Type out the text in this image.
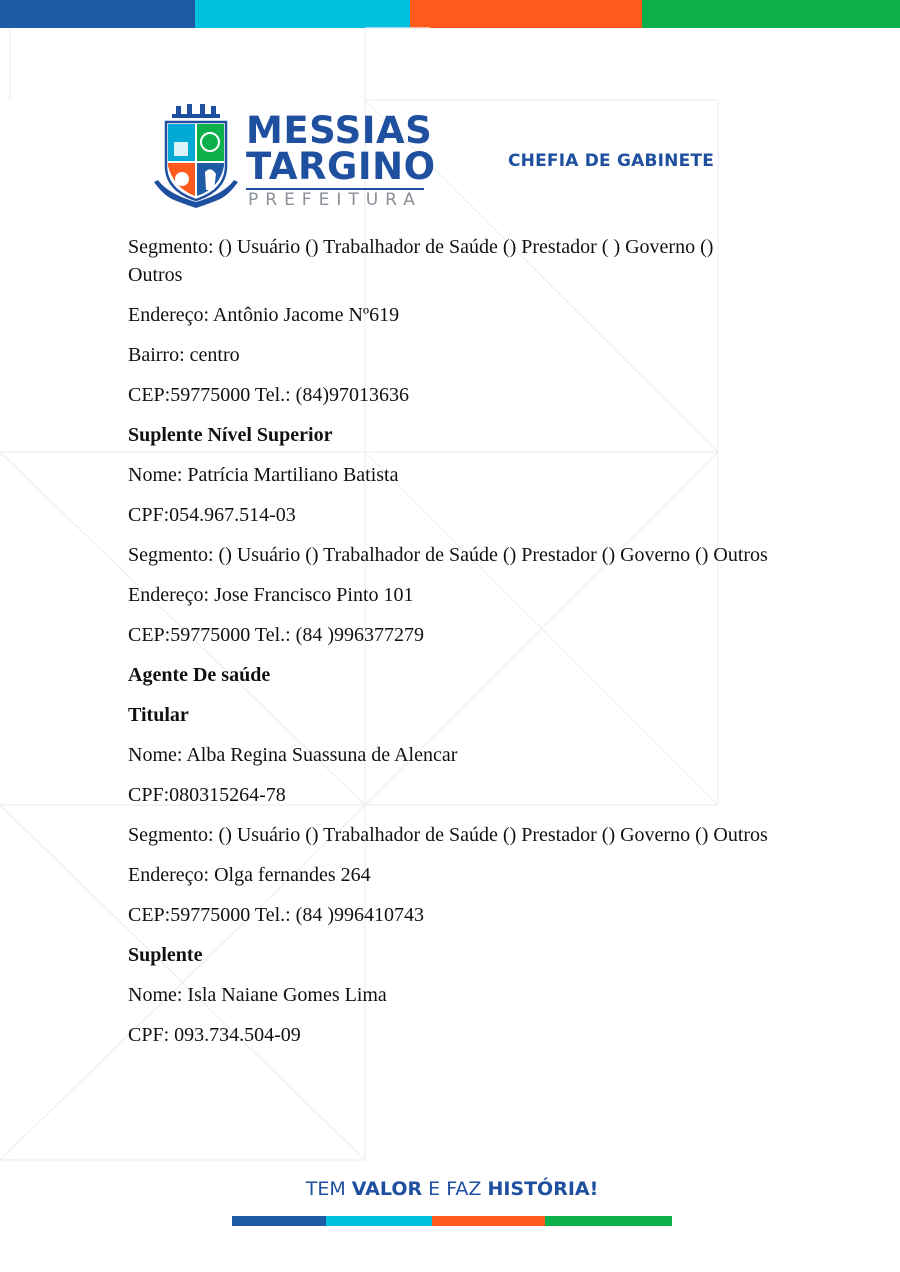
MESSIAS
TARGINO
PREFEITURA
CHEFIA DE GABINETE

Segmento: () Usuário () Trabalhador de Saúde () Prestador ( ) Governo () Outros

Endereço: Antônio Jacome Nº619

Bairro: centro

CEP:59775000 Tel.: (84)97013636

Suplente Nível Superior

Nome: Patrícia Martiliano Batista

CPF:054.967.514-03

Segmento: () Usuário () Trabalhador de Saúde () Prestador () Governo () Outros

Endereço: Jose Francisco Pinto 101

CEP:59775000 Tel.: (84 )996377279

Agente De saúde

Titular

Nome: Alba Regina Suassuna de Alencar

CPF:080315264-78

Segmento: () Usuário () Trabalhador de Saúde () Prestador () Governo () Outros

Endereço: Olga fernandes 264

CEP:59775000 Tel.: (84 )996410743

Suplente

Nome: Isla Naiane Gomes Lima

CPF: 093.734.504-09

TEM VALOR E FAZ HISTÓRIA!
